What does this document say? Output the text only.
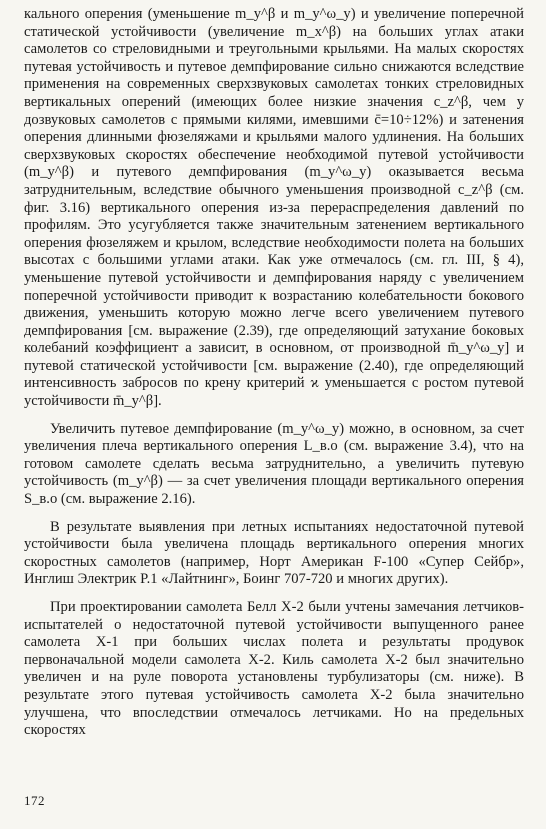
кального оперения (уменьшение m_y^β и m_y^ω_y) и увеличение поперечной статической устойчивости (увеличение m_x^β) на больших углах атаки самолетов со стреловидными и треугольными крыльями. На малых скоростях путевая устойчивость и путевое демпфирование сильно снижаются вследствие применения на современных сверхзвуковых самолетах тонких стреловидных вертикальных оперений (имеющих более низкие значения c_z^β, чем у дозвуковых самолетов с прямыми килями, имевшими c̄=10÷12%) и затенения оперения длинными фюзеляжами и крыльями малого удлинения. На больших сверхзвуковых скоростях обеспечение необходимой путевой устойчивости (m_y^β) и путевого демпфирования (m_y^ω_y) оказывается весьма затруднительным, вследствие обычного уменьшения производной c_z^β (см. фиг. 3.16) вертикального оперения из-за перераспределения давлений по профилям. Это усугубляется также значительным затенением вертикального оперения фюзеляжем и крылом, вследствие необходимости полета на больших высотах с большими углами атаки. Как уже отмечалось (см. гл. III, § 4), уменьшение путевой устойчивости и демпфирования наряду с увеличением поперечной устойчивости приводит к возрастанию колебательности бокового движения, уменьшить которую можно легче всего увеличением путевого демпфирования [см. выражение (2.39), где определяющий затухание боковых колебаний коэффициент a зависит, в основном, от производной m̄_y^ω_y] и путевой статической устойчивости [см. выражение (2.40), где определяющий интенсивность забросов по крену критерий ϰ уменьшается с ростом путевой устойчивости m̄_y^β].

Увеличить путевое демпфирование (m_y^ω_y) можно, в основном, за счет увеличения плеча вертикального оперения L_в.о (см. выражение 3.4), что на готовом самолете сделать весьма затруднительно, а увеличить путевую устойчивость (m_y^β) — за счет увеличения площади вертикального оперения S_в.о (см. выражение 2.16).

В результате выявления при летных испытаниях недостаточной путевой устойчивости была увеличена площадь вертикального оперения многих скоростных самолетов (например, Норт Американ F-100 «Супер Сейбр», Инглиш Электрик P.1 «Лайтнинг», Боинг 707-720 и многих других).

При проектировании самолета Белл X-2 были учтены замечания летчиков-испытателей о недостаточной путевой устойчивости выпущенного ранее самолета X-1 при больших числах полета и результаты продувок первоначальной модели самолета X-2. Киль самолета X-2 был значительно увеличен и на руле поворота установлены турбулизаторы (см. ниже). В результате этого путевая устойчивость самолета X-2 была значительно улучшена, что впоследствии отмечалось летчиками. Но на предельных скоростях

172
